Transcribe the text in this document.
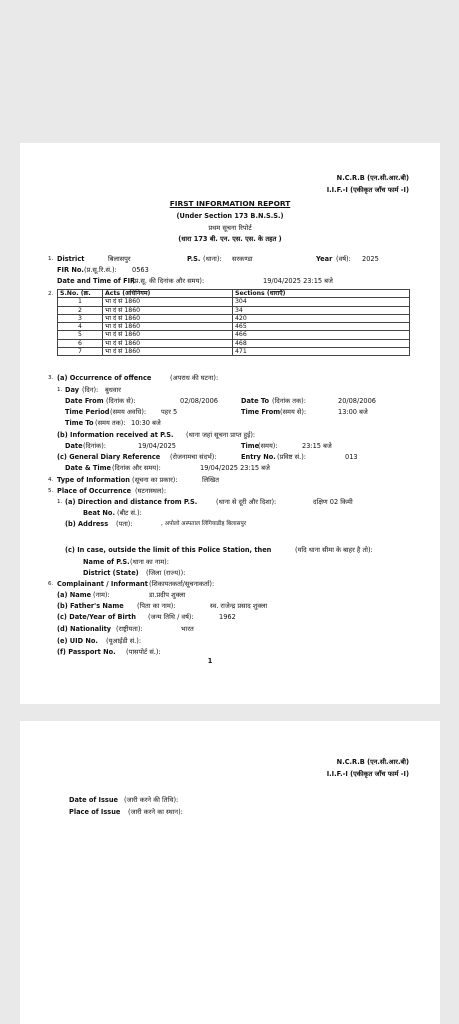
N.C.R.B (एन.सी.आर.बी)
I.I.F.-I (एकीकृत जाँच फार्म -I)
FIRST INFORMATION REPORT
(Under Section 173 B.N.S.S.)
प्रथम सूचना रिपोर्ट
(धारा 173 बी. एन. एस. एस. के तहत )
1. District	बिलासपुर	P.S. (थाना): सरकण्डा	Year (वर्ष): 2025
FIR No. (प्र.सू.रि.सं.): 0563
Date and Time of FIR
(प्र.सू. की दिनांक और समय):	19/04/2025 23:15 बजे
2. S.No. (क्र.	Acts (अधिनियम)	Sections (धाराएँ)
1	भा दं सं 1860	304
2	भा दं सं 1860	34
3	भा दं सं 1860	420
4	भा दं सं 1860	465
5	भा दं सं 1860	466
6	भा दं सं 1860	468
7	भा दं सं 1860	471
3. (a) Occurrence of offence	(अपराध की घटना):
1. Day (दिन): बुधवार
Date From (दिनांक से):	02/08/2006	Date To (दिनांक तक):	20/08/2006
Time Period (समय अवधि): पहर 5	Time From (समय से):	13:00 बजे
Time To (समय तक): 10:30 बजे
(b) Information received at P.S. (थाना जहां सूचना प्राप्त हुई):
Date (दिनांक):	19/04/2025	Time
(समय):	23:15 बजे
(c) General Diary Reference (रोजनामचा संदर्भ):	Entry No. (प्रविष्ट सं.):	013
Date & Time (दिनांक और समय):	19/04/2025 23:15 बजे
4. Type of Information (सूचना का प्रकार):	लिखित
5. Place of Occurrence (घटनास्थल):
1. (a) Direction and distance from P.S.	(थाना से दूरी और दिशा):	दक्षिण 02 किमी
Beat No. (बीट सं.):
(b) Address (पता):	, अपोलो अस्पताल लिंगियाडीह बिलासपुर
(c) In case, outside the limit of this Police Station, then	(यदि थाना सीमा के बाहर है तो):
Name of P.S. (थाना का नाम):
District (State) (जिला (राज्य)):
6. Complainant / Informant (शिकायतकर्ता/सूचनाकर्ता):
(a) Name (नाम):	डा.प्रदीप शुक्ला
(b) Father's Name (पिता का नाम):	स्व. राजेन्द्र प्रसाद शुक्ला
(c) Date/Year of Birth (जन्म तिथि / वर्ष):	1962
(d) Nationality (राष्ट्रीयता):	भारत
(e) UID No. (यूआईडी सं.):
(f) Passport No. (पासपोर्ट सं.):
1
N.C.R.B (एन.सी.आर.बी)
I.I.F.-I (एकीकृत जाँच फार्म -I)
Date of Issue (जारी करने की तिथि):
Place of Issue (जारी करने का स्थान):
